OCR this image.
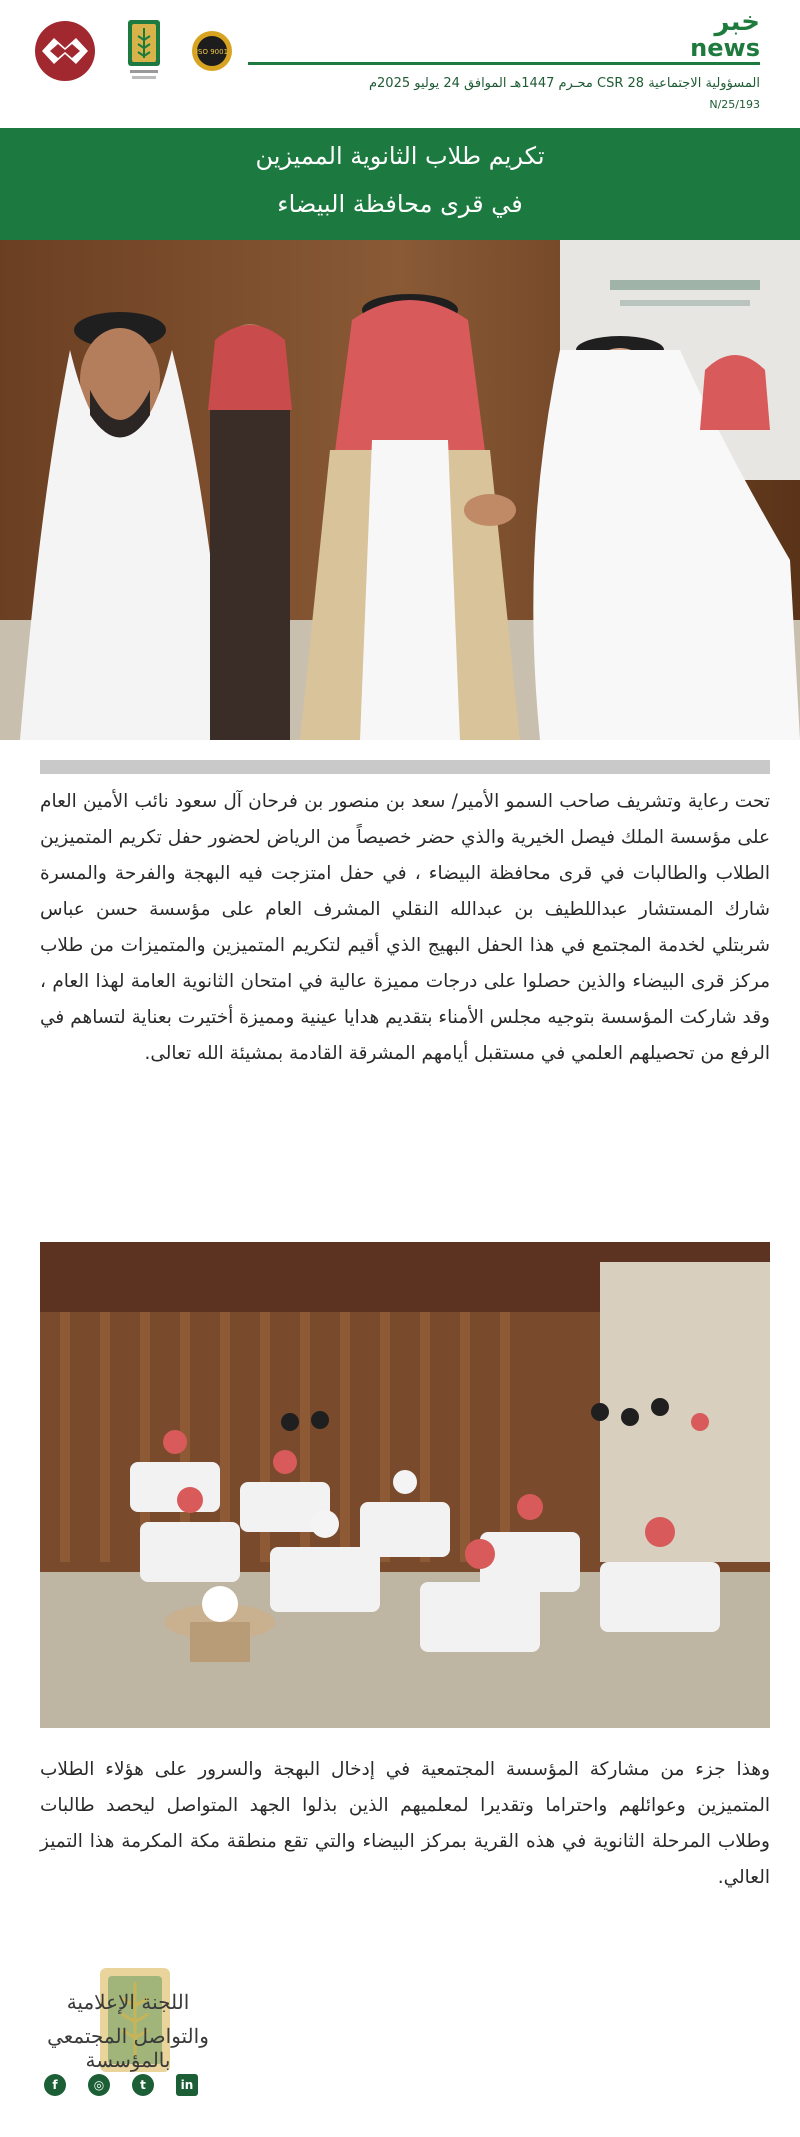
ISO 9001
خبر
news
المسؤولية الاجتماعية CSR 28 محـرم 1447هـ الموافق 24 يوليو 2025م
N/25/193
تكريم طلاب الثانوية المميزين
في قرى محافظة البيضاء
تحت رعاية وتشريف صاحب السمو الأمير/ سعد بن منصور بن فرحان آل سعود نائب الأمين العام على مؤسسة الملك فيصل الخيرية والذي حضر خصيصاً من الرياض لحضور حفل تكريم المتميزين الطلاب والطالبات في قرى محافظة البيضاء ، في حفل امتزجت فيه البهجة والفرحة والمسرة شارك المستشار عبداللطيف بن عبدالله النقلي المشرف العام على مؤسسة حسن عباس شربتلي لخدمة المجتمع في هذا الحفل البهيج الذي أقيم لتكريم المتميزين والمتميزات من طلاب مركز قرى البيضاء والذين حصلوا على درجات مميزة عالية في امتحان الثانوية العامة لهذا العام ، وقد شاركت المؤسسة بتوجيه مجلس الأمناء بتقديم هدايا عينية ومميزة أختيرت بعناية لتساهم في الرفع من تحصيلهم العلمي في مستقبل أيامهم المشرقة القادمة بمشيئة الله تعالى.
وهذا جزء من مشاركة المؤسسة المجتمعية في إدخال البهجة والسرور على هؤلاء الطلاب المتميزين وعوائلهم واحتراما وتقديرا لمعلميهم الذين بذلوا الجهد المتواصل ليحصد طالبات وطلاب المرحلة الثانوية في هذه القرية بمركز البيضاء والتي تقع منطقة مكة المكرمة هذا التميز العالي.
اللجنة الإعلامية
والتواصل المجتمعي بالمؤسسة
f	◎	t	in
